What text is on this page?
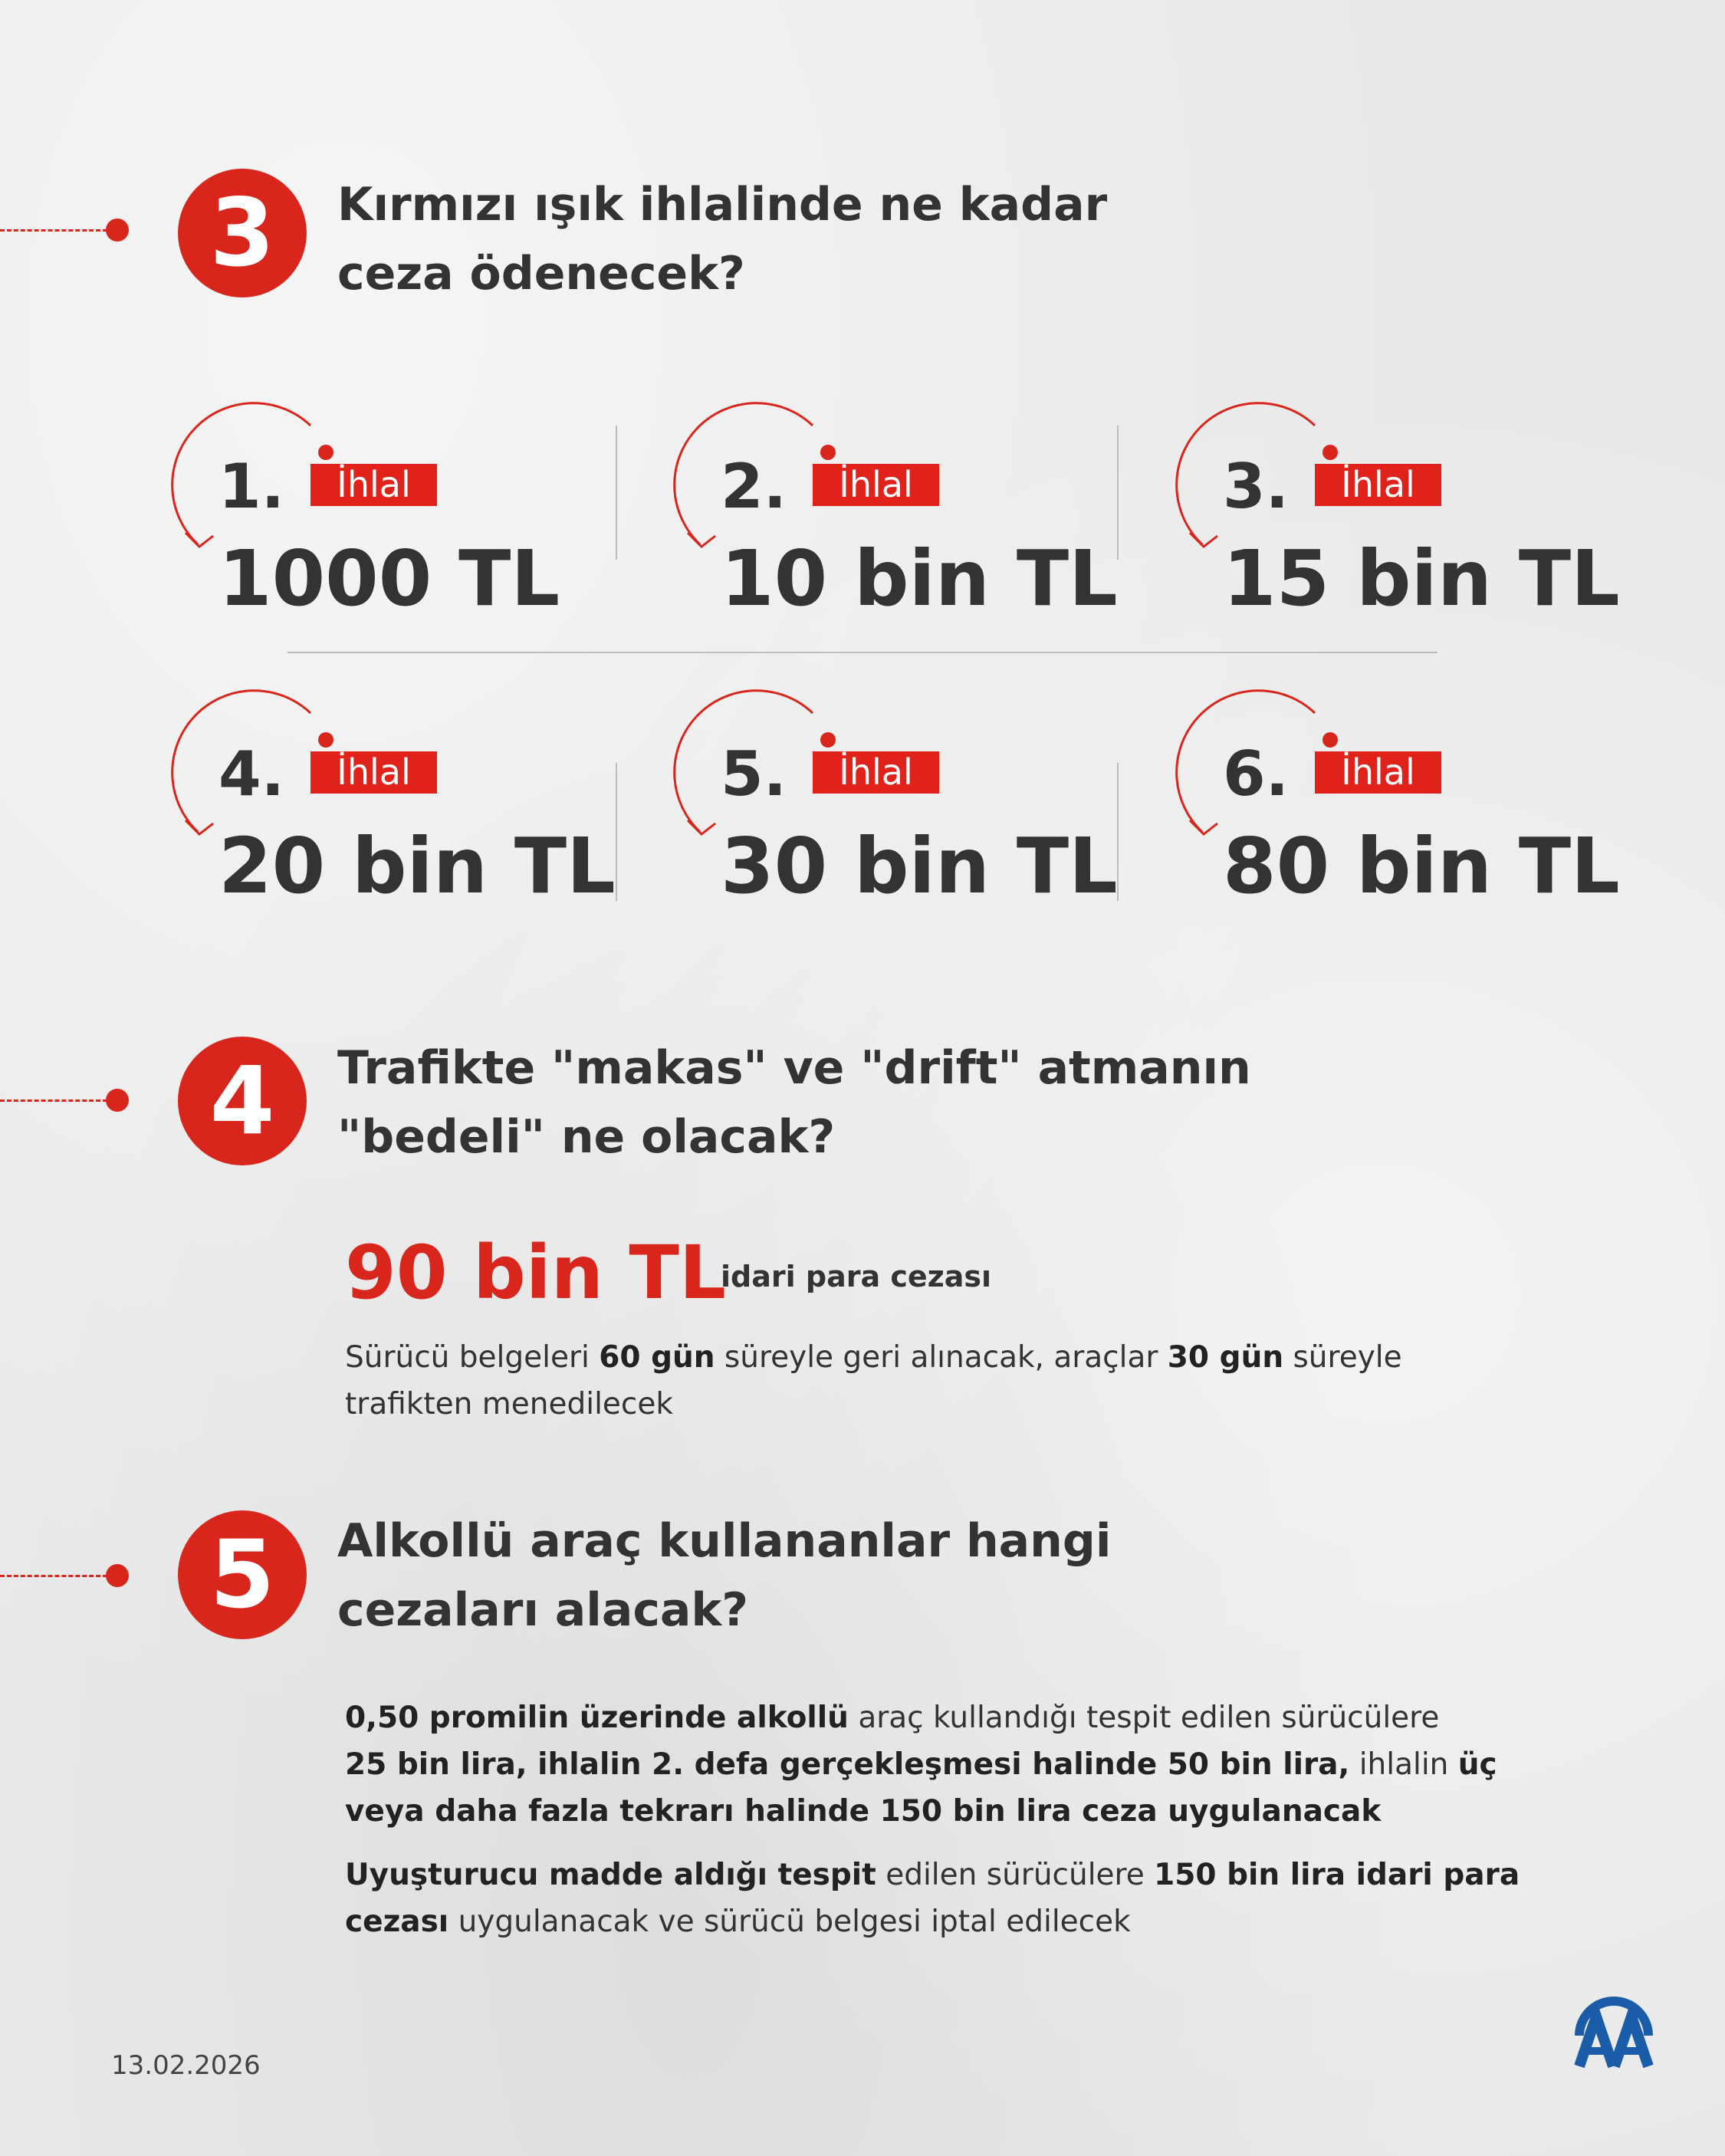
3	Kırmızı ışık ihlalinde ne kadar
ceza ödenecek?
1.	İhlal
1000 TL
2.	İhlal
10 bin TL
3.	İhlal
15 bin TL
4.	İhlal
20 bin TL
5.	İhlal
30 bin TL
6.	İhlal
80 bin TL
4	Trafikte "makas" ve "drift" atmanın
"bedeli" ne olacak?
90 bin TL
idari para cezası
Sürücü belgeleri 60 gün süreyle geri alınacak, araçlar 30 gün süreyle
trafikten menedilecek
5	Alkollü araç kullananlar hangi
cezaları alacak?
0,50 promilin üzerinde alkollü araç kullandığı tespit edilen sürücülere
25 bin lira, ihlalin 2. defa gerçekleşmesi halinde 50 bin lira, ihlalin üç
veya daha fazla tekrarı halinde 150 bin lira ceza uygulanacak
Uyuşturucu madde aldığı tespit edilen sürücülere 150 bin lira idari para
cezası uygulanacak ve sürücü belgesi iptal edilecek
13.02.2026
